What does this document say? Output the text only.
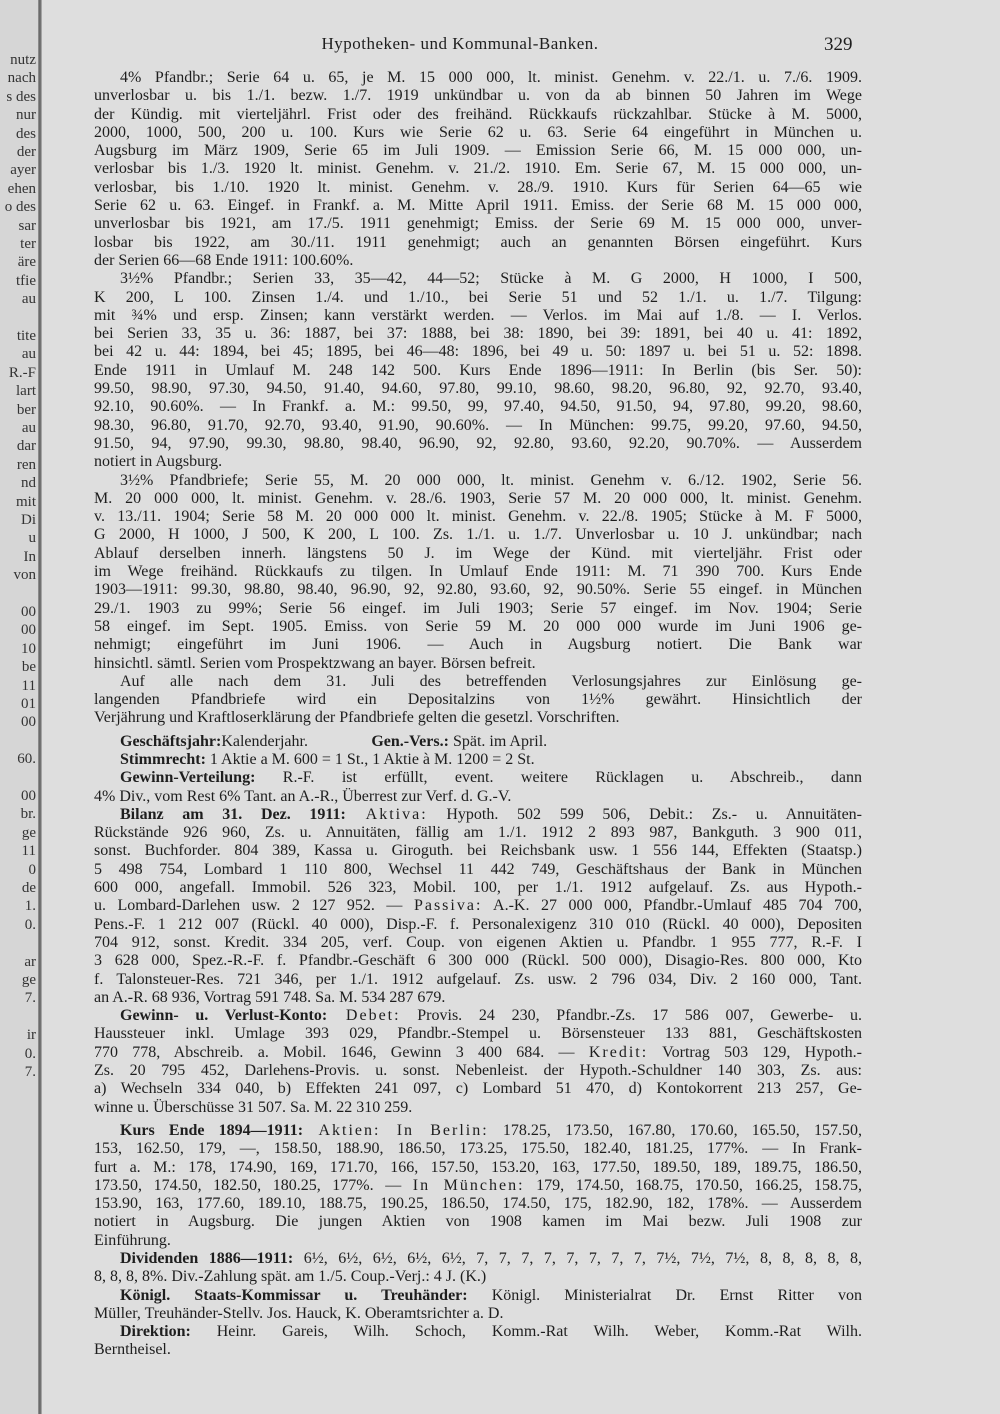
nutz
nach
s des
nur
des
der
ayer
ehen
o des
sar
ter
äre
tfie
au
tite
au
R.-F
lart
ber
au
dar
ren
nd
mit
Di
u
In
von
00
00
10
be
11
01
00
60.
00
br.
ge
11
0
de
1.
0.
ar
ge
7.
ir
0.
7.
Hypotheken- und Kommunal-Banken.	329
4% Pfandbr.; Serie 64 u. 65, je M. 15 000 000, lt. minist. Genehm. v. 22./1. u. 7./6. 1909.
unverlosbar u. bis 1./1. bezw. 1./7. 1919 unkündbar u. von da ab binnen 50 Jahren im Wege
der Kündig. mit vierteljährl. Frist oder des freihänd. Rückkaufs rückzahlbar. Stücke à M. 5000,
2000, 1000, 500, 200 u. 100. Kurs wie Serie 62 u. 63. Serie 64 eingeführt in München u.
Augsburg im März 1909, Serie 65 im Juli 1909. — Emission Serie 66, M. 15 000 000, un-
verlosbar bis 1./3. 1920 lt. minist. Genehm. v. 21./2. 1910. Em. Serie 67, M. 15 000 000, un-
verlosbar, bis 1./10. 1920 lt. minist. Genehm. v. 28./9. 1910. Kurs für Serien 64—65 wie
Serie 62 u. 63. Eingef. in Frankf. a. M. Mitte April 1911. Emiss. der Serie 68 M. 15 000 000,
unverlosbar bis 1921, am 17./5. 1911 genehmigt; Emiss. der Serie 69 M. 15 000 000, unver-
losbar bis 1922, am 30./11. 1911 genehmigt; auch an genannten Börsen eingeführt. Kurs
der Serien 66—68 Ende 1911: 100.60%.
3½% Pfandbr.; Serien 33, 35—42, 44—52; Stücke à M. G 2000, H 1000, I 500,
K 200, L 100. Zinsen 1./4. und 1./10., bei Serie 51 und 52 1./1. u. 1./7. Tilgung:
mit ¾% und ersp. Zinsen; kann verstärkt werden. — Verlos. im Mai auf 1./8. — I. Verlos.
bei Serien 33, 35 u. 36: 1887, bei 37: 1888, bei 38: 1890, bei 39: 1891, bei 40 u. 41: 1892,
bei 42 u. 44: 1894, bei 45; 1895, bei 46—48: 1896, bei 49 u. 50: 1897 u. bei 51 u. 52: 1898.
Ende 1911 in Umlauf M. 248 142 500. Kurs Ende 1896—1911: In Berlin (bis Ser. 50):
99.50, 98.90, 97.30, 94.50, 91.40, 94.60, 97.80, 99.10, 98.60, 98.20, 96.80, 92, 92.70, 93.40,
92.10, 90.60%. — In Frankf. a. M.: 99.50, 99, 97.40, 94.50, 91.50, 94, 97.80, 99.20, 98.60,
98.30, 96.80, 91.70, 92.70, 93.40, 91.90, 90.60%. — In München: 99.75, 99.20, 97.60, 94.50,
91.50, 94, 97.90, 99.30, 98.80, 98.40, 96.90, 92, 92.80, 93.60, 92.20, 90.70%. — Ausserdem
notiert in Augsburg.
3½% Pfandbriefe; Serie 55, M. 20 000 000, lt. minist. Genehm v. 6./12. 1902, Serie 56.
M. 20 000 000, lt. minist. Genehm. v. 28./6. 1903, Serie 57 M. 20 000 000, lt. minist. Genehm.
v. 13./11. 1904; Serie 58 M. 20 000 000 lt. minist. Genehm. v. 22./8. 1905; Stücke à M. F 5000,
G 2000, H 1000, J 500, K 200, L 100. Zs. 1./1. u. 1./7. Unverlosbar u. 10 J. unkündbar; nach
Ablauf derselben innerh. längstens 50 J. im Wege der Künd. mit vierteljähr. Frist oder
im Wege freihänd. Rückkaufs zu tilgen. In Umlauf Ende 1911: M. 71 390 700. Kurs Ende
1903—1911: 99.30, 98.80, 98.40, 96.90, 92, 92.80, 93.60, 92, 90.50%. Serie 55 eingef. in München
29./1. 1903 zu 99%; Serie 56 eingef. im Juli 1903; Serie 57 eingef. im Nov. 1904; Serie
58 eingef. im Sept. 1905. Emiss. von Serie 59 M. 20 000 000 wurde im Juni 1906 ge-
nehmigt; eingeführt im Juni 1906. — Auch in Augsburg notiert. Die Bank war
hinsichtl. sämtl. Serien vom Prospektzwang an bayer. Börsen befreit.
Auf alle nach dem 31. Juli des betreffenden Verlosungsjahres zur Einlösung ge-
langenden Pfandbriefe wird ein Depositalzins von 1½% gewährt. Hinsichtlich der
Verjährung und Kraftloserklärung der Pfandbriefe gelten die gesetzl. Vorschriften.
Geschäftsjahr:Kalenderjahr.	Gen.-Vers.: Spät. im April.
Stimmrecht: 1 Aktie a M. 600 = 1 St., 1 Aktie à M. 1200 = 2 St.
Gewinn-Verteilung: R.-F. ist erfüllt, event. weitere Rücklagen u. Abschreib., dann
4% Div., vom Rest 6% Tant. an A.-R., Überrest zur Verf. d. G.-V.
Bilanz am 31. Dez. 1911: Aktiva: Hypoth. 502 599 506, Debit.: Zs.- u. Annuitäten-
Rückstände 926 960, Zs. u. Annuitäten, fällig am 1./1. 1912 2 893 987, Bankguth. 3 900 011,
sonst. Buchforder. 804 389, Kassa u. Giroguth. bei Reichsbank usw. 1 556 144, Effekten (Staatsp.)
5 498 754, Lombard 1 110 800, Wechsel 11 442 749, Geschäftshaus der Bank in München
600 000, angefall. Immobil. 526 323, Mobil. 100, per 1./1. 1912 aufgelauf. Zs. aus Hypoth.-
u. Lombard-Darlehen usw. 2 127 952. — Passiva: A.-K. 27 000 000, Pfandbr.-Umlauf 485 704 700,
Pens.-F. 1 212 007 (Rückl. 40 000), Disp.-F. f. Personalexigenz 310 010 (Rückl. 40 000), Depositen
704 912, sonst. Kredit. 334 205, verf. Coup. von eigenen Aktien u. Pfandbr. 1 955 777, R.-F. I
3 628 000, Spez.-R.-F. f. Pfandbr.-Geschäft 6 300 000 (Rückl. 500 000), Disagio-Res. 800 000, Kto
f. Talonsteuer-Res. 721 346, per 1./1. 1912 aufgelauf. Zs. usw. 2 796 034, Div. 2 160 000, Tant.
an A.-R. 68 936, Vortrag 591 748. Sa. M. 534 287 679.
Gewinn- u. Verlust-Konto: Debet: Provis. 24 230, Pfandbr.-Zs. 17 586 007, Gewerbe- u.
Haussteuer inkl. Umlage 393 029, Pfandbr.-Stempel u. Börsensteuer 133 881, Geschäftskosten
770 778, Abschreib. a. Mobil. 1646, Gewinn 3 400 684. — Kredit: Vortrag 503 129, Hypoth.-
Zs. 20 795 452, Darlehens-Provis. u. sonst. Nebenleist. der Hypoth.-Schuldner 140 303, Zs. aus:
a) Wechseln 334 040, b) Effekten 241 097, c) Lombard 51 470, d) Kontokorrent 213 257, Ge-
winne u. Überschüsse 31 507. Sa. M. 22 310 259.
Kurs Ende 1894—1911: Aktien: In Berlin: 178.25, 173.50, 167.80, 170.60, 165.50, 157.50,
153, 162.50, 179, —, 158.50, 188.90, 186.50, 173.25, 175.50, 182.40, 181.25, 177%. — In Frank-
furt a. M.: 178, 174.90, 169, 171.70, 166, 157.50, 153.20, 163, 177.50, 189.50, 189, 189.75, 186.50,
173.50, 174.50, 182.50, 180.25, 177%. — In München: 179, 174.50, 168.75, 170.50, 166.25, 158.75,
153.90, 163, 177.60, 189.10, 188.75, 190.25, 186.50, 174.50, 175, 182.90, 182, 178%. — Ausserdem
notiert in Augsburg. Die jungen Aktien von 1908 kamen im Mai bezw. Juli 1908 zur
Einführung.
Dividenden 1886—1911: 6½, 6½, 6½, 6½, 6½, 7, 7, 7, 7, 7, 7, 7, 7, 7½, 7½, 7½, 8, 8, 8, 8, 8,
8, 8, 8, 8%. Div.-Zahlung spät. am 1./5. Coup.-Verj.: 4 J. (K.)
Königl. Staats-Kommissar u. Treuhänder: Königl. Ministerialrat Dr. Ernst Ritter von
Müller, Treuhänder-Stellv. Jos. Hauck, K. Oberamtsrichter a. D.
Direktion: Heinr. Gareis, Wilh. Schoch, Komm.-Rat Wilh. Weber, Komm.-Rat Wilh.
Berntheisel.
